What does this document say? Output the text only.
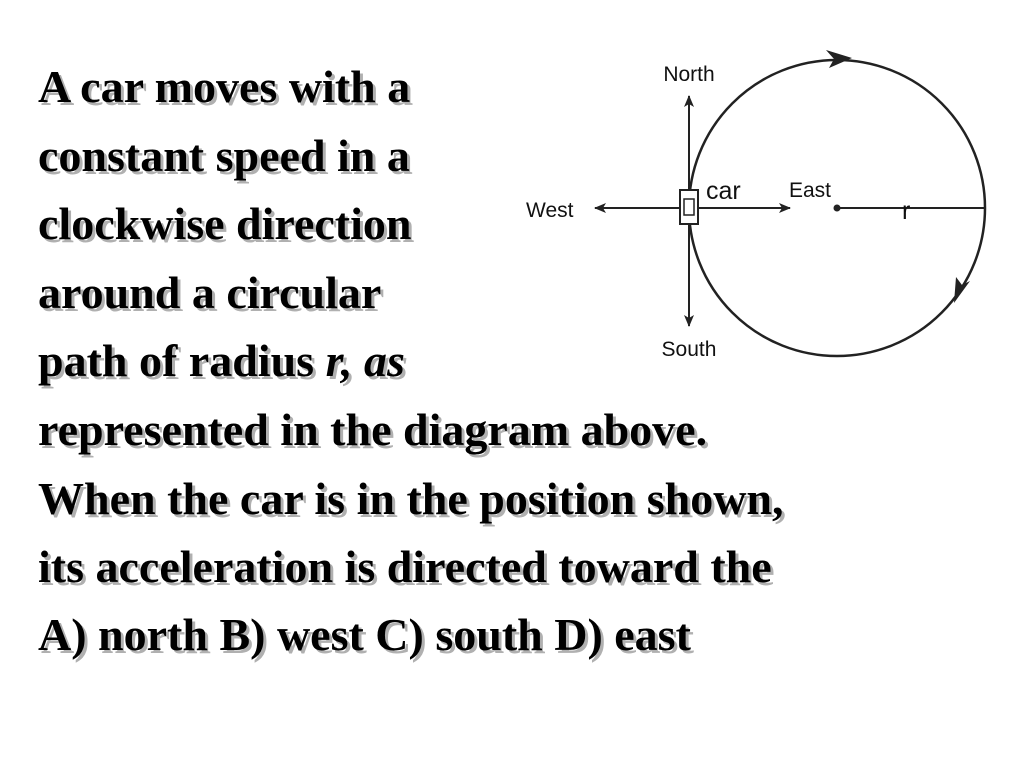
A car moves with a

constant speed in a

clockwise direction

around a circular

path of radius r, as

represented in the diagram above.

When the car is in the position shown,

its acceleration is directed toward the

A) north B) west C) south D) east

North
South
West
East
car
r
